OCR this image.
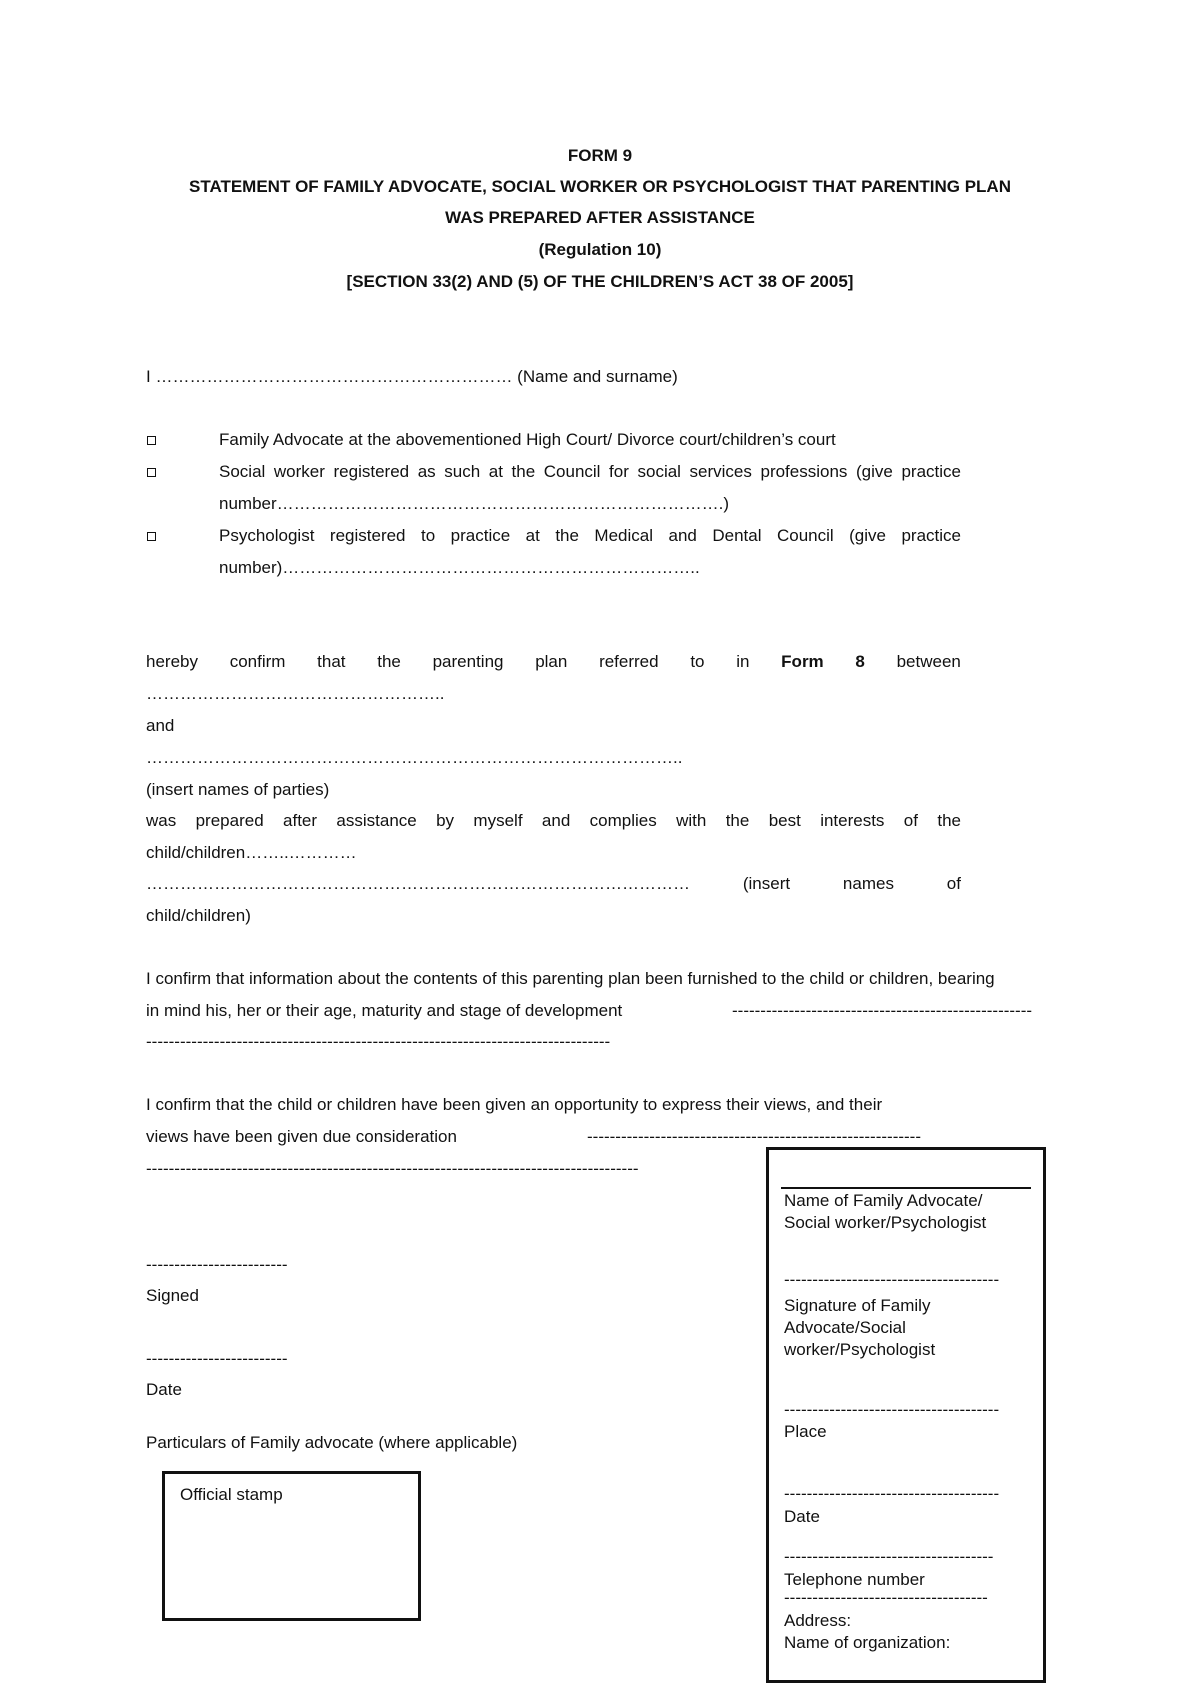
FORM 9
STATEMENT OF FAMILY ADVOCATE, SOCIAL WORKER OR PSYCHOLOGIST THAT PARENTING PLAN
WAS PREPARED AFTER ASSISTANCE
(Regulation 10)
[SECTION 33(2) AND (5) OF THE CHILDREN’S ACT 38 OF 2005]
I ……………………………………………………… (Name and surname)
Family Advocate at the abovementioned High Court/ Divorce court/children’s court
Social worker registered as such at the Council for social services professions (give practice
number…………………………………………………………………….)
Psychologist registered to practice at the Medical and Dental Council (give practice
number)………………………………………………………………..
hereby confirm that the parenting plan referred to in Form 8 between
……………………………………………..
and
…………………………………………………………………………………..
(insert names of parties)
was prepared after assistance by myself and complies with the best interests of the
child/children……..…………
……………………………………………………………………………………	(insert	names	of
child/children)
I confirm that information about the contents of this parenting plan been furnished to the child or children, bearing
in mind his, her or their age, maturity and stage of development	-----------------------------------------------------
----------------------------------------------------------------------------------
I confirm that the child or children have been given an opportunity to express their views, and their
views have been given due consideration	-----------------------------------------------------------
---------------------------------------------------------------------------------------
-------------------------
Signed
-------------------------
Date
Particulars of Family advocate (where applicable)
Official stamp
Name of Family Advocate/
Social worker/Psychologist
--------------------------------------
Signature of Family
Advocate/Social
worker/Psychologist
--------------------------------------
Place
--------------------------------------
Date
-------------------------------------
Telephone number
------------------------------------
Address:
Name of organization:
